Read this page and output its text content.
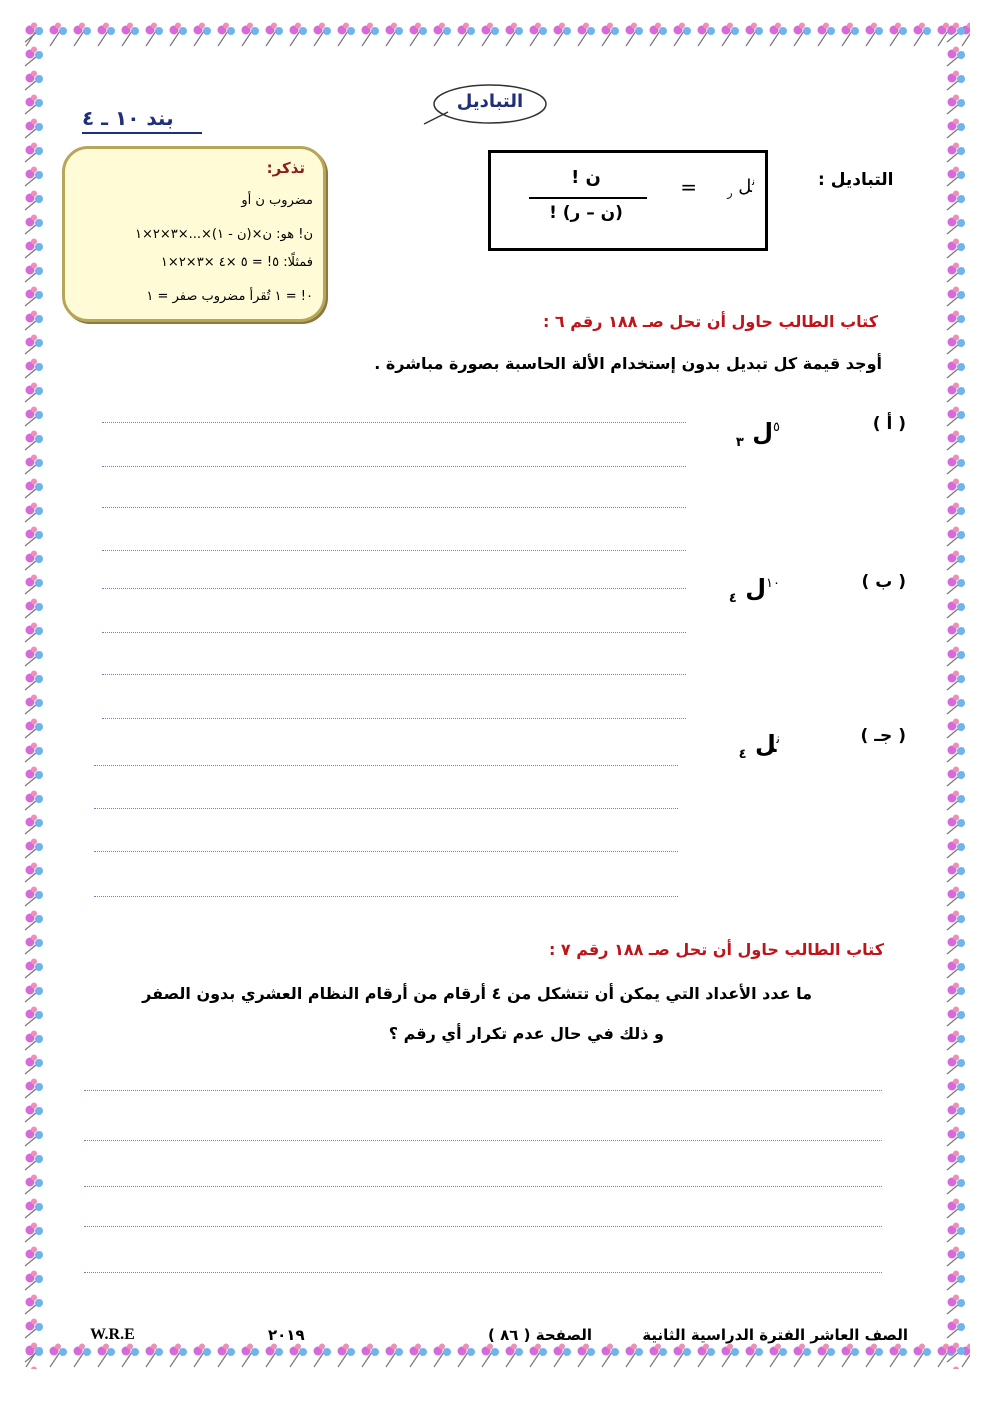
التباديل
بند ١٠ ـ ٤
تذكر:
مضروب ن أو
ن! هو: ن×(ن - ١)×...×٣×٢×١
فمثلًا: ٥! = ٥ ×٤ ×٣×٢×١
٠! = ١ تُقرأ مضروب صفر = ١
التباديل :
$^ن$ل $_ر$
=
ن !
(ن – ر) !
كتاب الطالب حاول أن تحل صـ ١٨٨ رقم ٦ :
أوجد قيمة كل تبديل بدون إستخدام الألة الحاسبة بصورة مباشرة .
( أ )
$^٥$ل $_٣$
( ب )
$^{١٠}$ل $_٤$
( جـ )
$^ن$ل $_٤$
كتاب الطالب حاول أن تحل صـ ١٨٨ رقم ٧ :
ما عدد الأعداد التي يمكن أن تتشكل من ٤ أرقام من أرقام النظام العشري بدون الصفر
و ذلك في حال عدم تكرار أي رقم ؟
الصف العاشر الفترة الدراسية الثانية
الصفحة ( ٨٦ )
٢٠١٩
W.R.E
